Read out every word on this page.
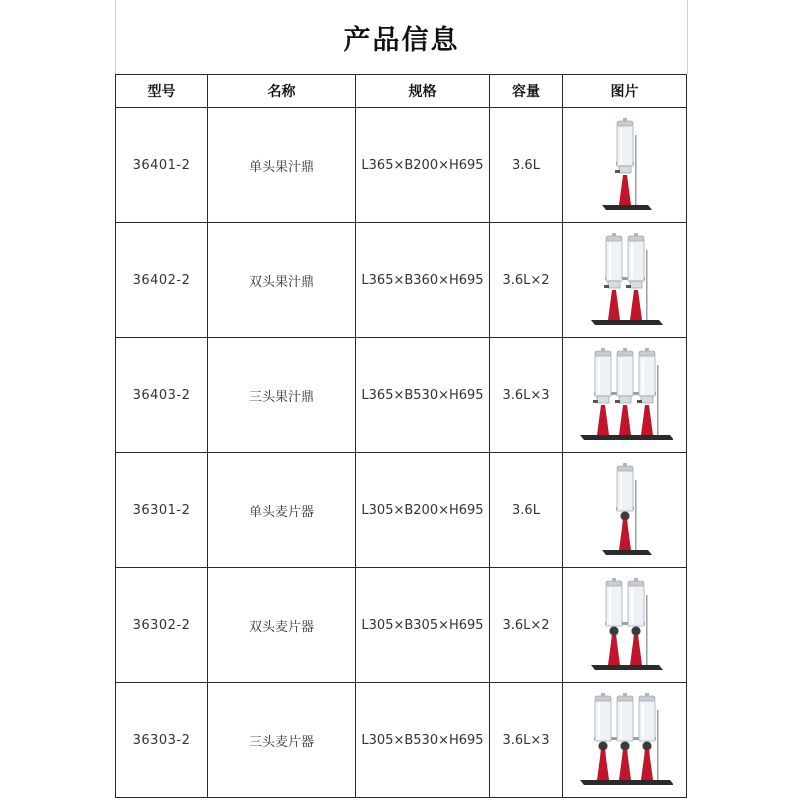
产品信息
型号	名称	规格	容量	图片
36401-2	单头果汁鼎	L365×B200×H695	3.6L	

36402-2	双头果汁鼎	L365×B360×H695	3.6L×2	

36403-2	三头果汁鼎	L365×B530×H695	3.6L×3	

36301-2	单头麦片器	L305×B200×H695	3.6L	

36302-2	双头麦片器	L305×B305×H695	3.6L×2	

36303-2	三头麦片器	L305×B530×H695	3.6L×3	
